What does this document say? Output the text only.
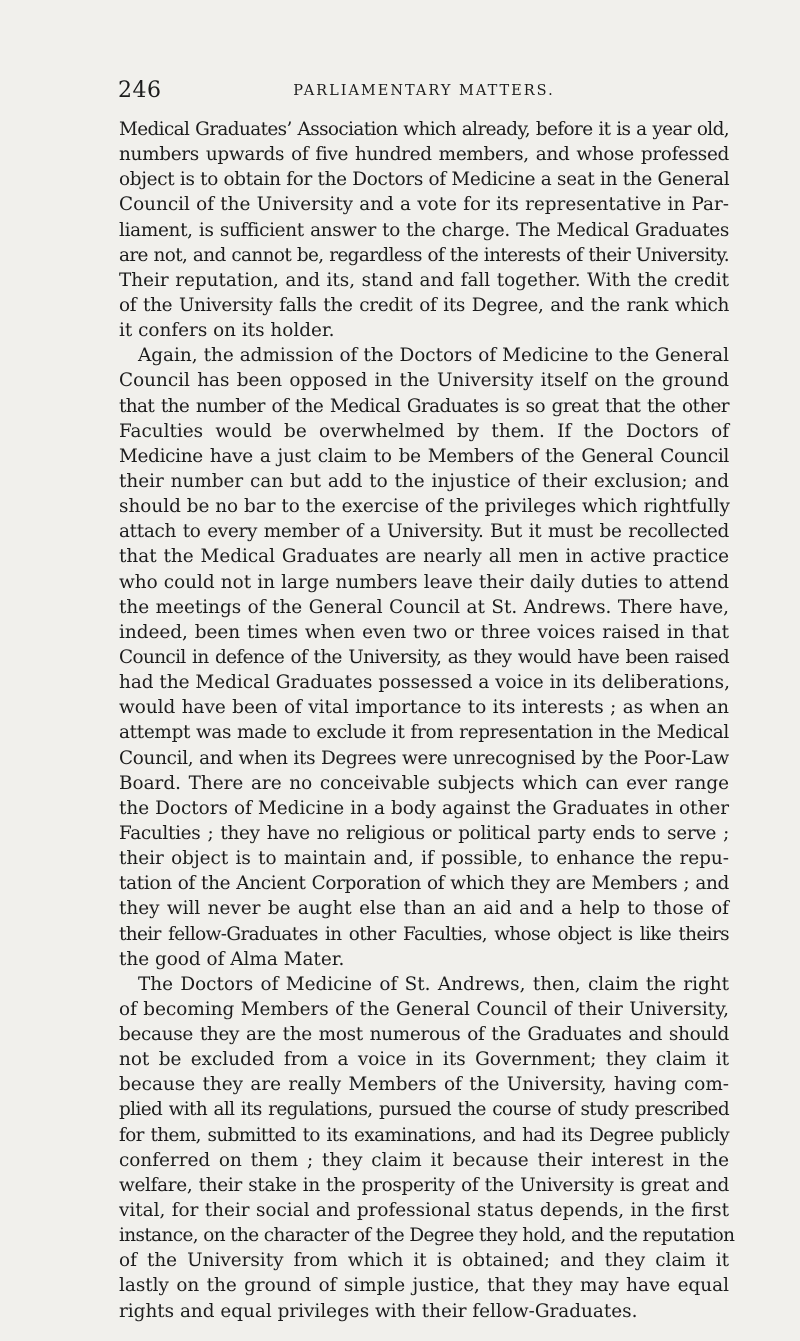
246	PARLIAMENTARY MATTERS.
Medical Graduates’ Association which already, before it is a year old,
numbers upwards of five hundred members, and whose professed
object is to obtain for the Doctors of Medicine a seat in the General
Council of the University and a vote for its representative in Par-
liament, is sufficient answer to the charge. The Medical Graduates
are not, and cannot be, regardless of the interests of their University.
Their reputation, and its, stand and fall together. With the credit
of the University falls the credit of its Degree, and the rank which
it confers on its holder.
Again, the admission of the Doctors of Medicine to the General
Council has been opposed in the University itself on the ground
that the number of the Medical Graduates is so great that the other
Faculties would be overwhelmed by them. If the Doctors of
Medicine have a just claim to be Members of the General Council
their number can but add to the injustice of their exclusion; and
should be no bar to the exercise of the privileges which rightfully
attach to every member of a University. But it must be recollected
that the Medical Graduates are nearly all men in active practice
who could not in large numbers leave their daily duties to attend
the meetings of the General Council at St. Andrews. There have,
indeed, been times when even two or three voices raised in that
Council in defence of the University, as they would have been raised
had the Medical Graduates possessed a voice in its deliberations,
would have been of vital importance to its interests ; as when an
attempt was made to exclude it from representation in the Medical
Council, and when its Degrees were unrecognised by the Poor-Law
Board. There are no conceivable subjects which can ever range
the Doctors of Medicine in a body against the Graduates in other
Faculties ; they have no religious or political party ends to serve ;
their object is to maintain and, if possible, to enhance the repu-
tation of the Ancient Corporation of which they are Members ; and
they will never be aught else than an aid and a help to those of
their fellow-Graduates in other Faculties, whose object is like theirs
the good of Alma Mater.
The Doctors of Medicine of St. Andrews, then, claim the right
of becoming Members of the General Council of their University,
because they are the most numerous of the Graduates and should
not be excluded from a voice in its Government; they claim it
because they are really Members of the University, having com-
plied with all its regulations, pursued the course of study prescribed
for them, submitted to its examinations, and had its Degree publicly
conferred on them ; they claim it because their interest in the
welfare, their stake in the prosperity of the University is great and
vital, for their social and professional status depends, in the first
instance, on the character of the Degree they hold, and the reputation
of the University from which it is obtained; and they claim it
lastly on the ground of simple justice, that they may have equal
rights and equal privileges with their fellow-Graduates.
